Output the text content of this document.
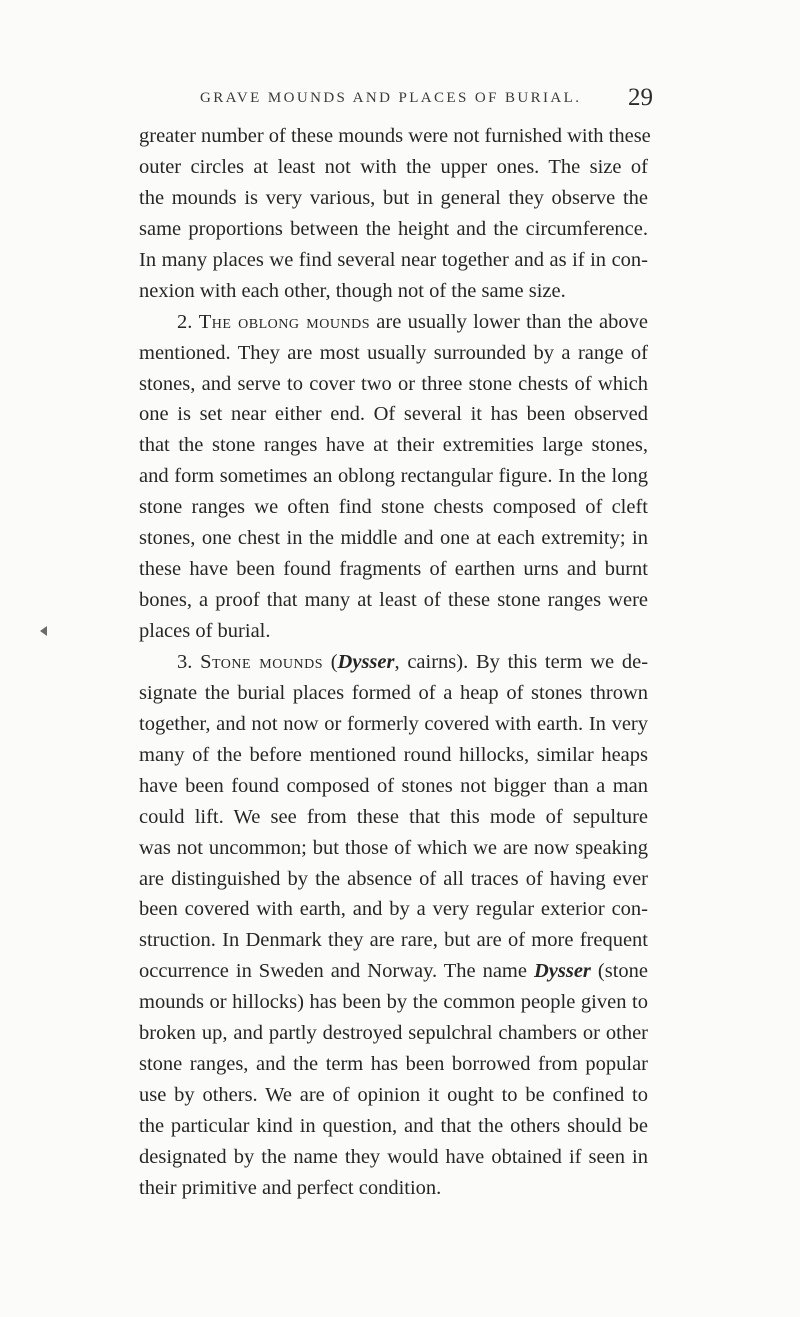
GRAVE MOUNDS AND PLACES OF BURIAL. 29
greater number of these mounds were not furnished with these
outer circles at least not with the upper ones. The size of
the mounds is very various, but in general they observe the
same proportions between the height and the circumference.
In many places we find several near together and as if in con-
nexion with each other, though not of the same size.
2. The oblong mounds are usually lower than the above
mentioned. They are most usually surrounded by a range of
stones, and serve to cover two or three stone chests of which
one is set near either end. Of several it has been observed
that the stone ranges have at their extremities large stones,
and form sometimes an oblong rectangular figure. In the long
stone ranges we often find stone chests composed of cleft
stones, one chest in the middle and one at each extremity; in
these have been found fragments of earthen urns and burnt
bones, a proof that many at least of these stone ranges were
places of burial.
3. Stone mounds (Dysser, cairns). By this term we de-
signate the burial places formed of a heap of stones thrown
together, and not now or formerly covered with earth. In very
many of the before mentioned round hillocks, similar heaps
have been found composed of stones not bigger than a man
could lift. We see from these that this mode of sepulture
was not uncommon; but those of which we are now speaking
are distinguished by the absence of all traces of having ever
been covered with earth, and by a very regular exterior con-
struction. In Denmark they are rare, but are of more frequent
occurrence in Sweden and Norway. The name Dysser (stone
mounds or hillocks) has been by the common people given to
broken up, and partly destroyed sepulchral chambers or other
stone ranges, and the term has been borrowed from popular
use by others. We are of opinion it ought to be confined to
the particular kind in question, and that the others should be
designated by the name they would have obtained if seen in
their primitive and perfect condition.
